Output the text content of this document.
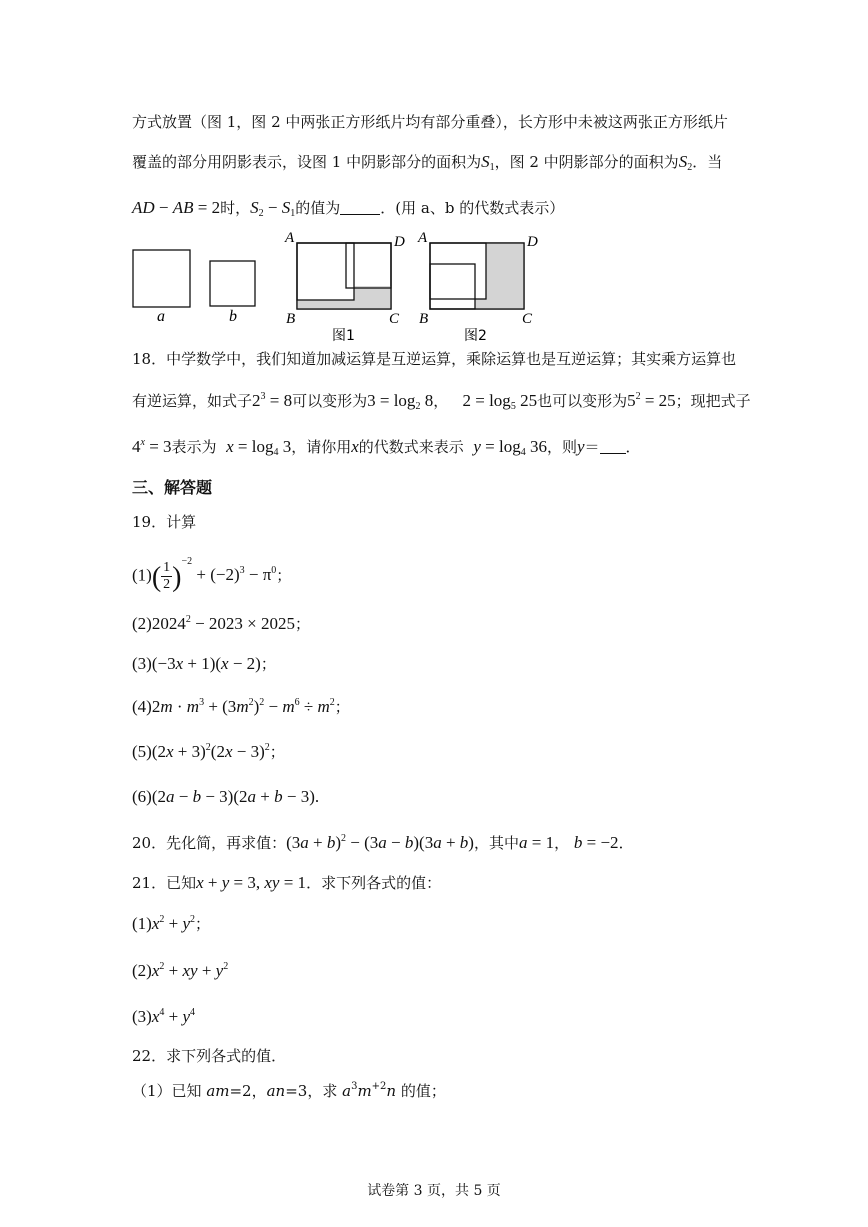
方式放置（图 1，图 2 中两张正方形纸片均有部分重叠），长方形中未被这两张正方形纸片
覆盖的部分用阴影表示，设图 1 中阴影部分的面积为$S_1$，图 2 中阴影部分的面积为$S_2$．当
AD − AB = 2时，$S_2 - S_1$的值为	．(用 a、b 的代数式表示）
a	b
A	D
B	C
图1
A	D
B	C
图2
18．中学数学中，我们知道加减运算是互逆运算，乘除运算也是互逆运算；其实乘方运算也
有逆运算，如式子$2^3 = 8$可以变形为$3 = \log_2 8$，   $2 = \log_5 25$也可以变形为$5^2 = 25$；现把式子
$4^x = 3$表示为 $x = \log_4 3$，请你用x的代数式来表示 $y = \log_4 36$，则y＝ ．
三、解答题
19．计算
$(1)( \frac{1}{2} )^{-2} + (-2)^3 - \pi^0$；
$(2)2024^2 - 2023 \times 2025$；
(3)(−3x + 1)(x − 2)；
$(4)2m \cdot m^3 + (3m^2)^2 - m^6 \div m^2$；
$(5)(2x + 3)^2(2x - 3)^2$；
(6)(2a − b − 3)(2a + b − 3).
20．先化简，再求值：$(3a + b)^2 - (3a - b)(3a + b)$，其中a = 1， b = −2．
21．已知x + y = 3, xy = 1．求下列各式的值：
$(1)x^2 + y^2$；
$(2)x^2$ + xy + $y^2$
$(3)x^4 + y^4$
22．求下列各式的值．
（1）已知 am=2，an=3，求 $a^3m^{+2}n$ 的值；
试卷第 3 页，共 5 页
